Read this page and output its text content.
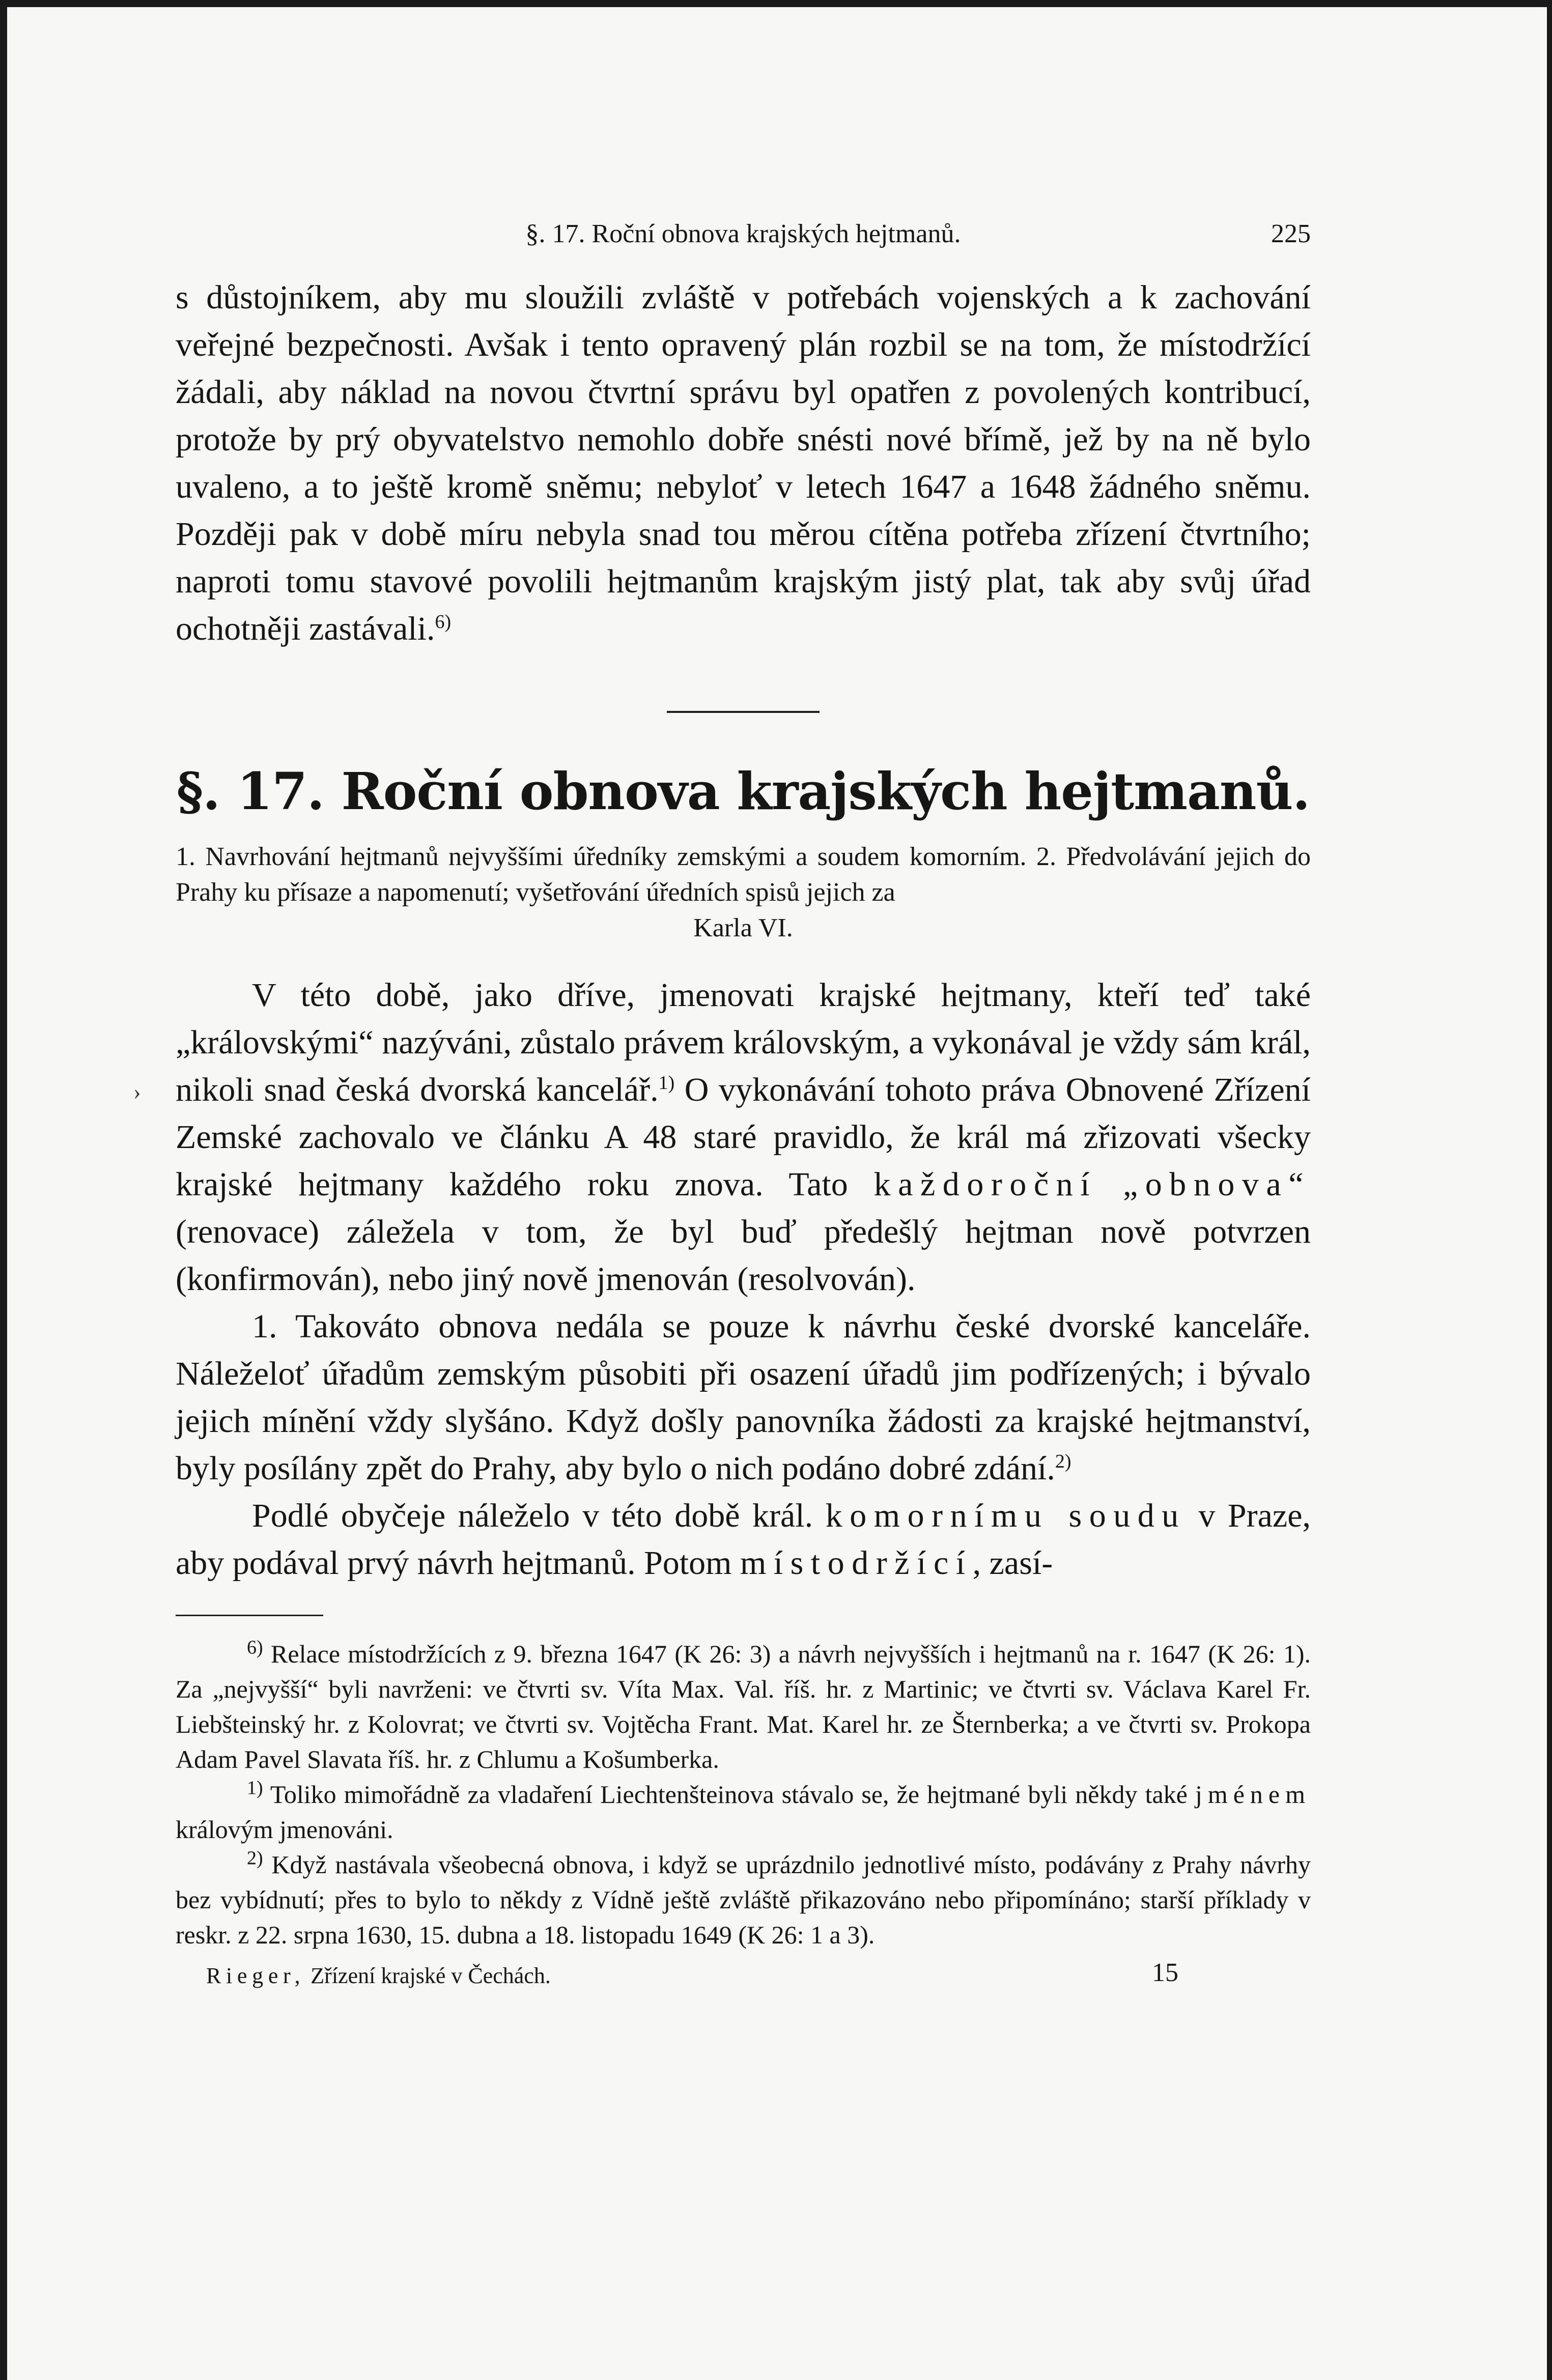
›
§. 17. Roční obnova krajských hejtmanů.	225

s důstojníkem, aby mu sloužili zvláště v potřebách vojenských a k zachování veřejné bezpečnosti. Avšak i tento opravený plán rozbil se na tom, že místodržící žádali, aby náklad na novou čtvrtní správu byl opatřen z povolených kontribucí, protože by prý obyvatelstvo nemohlo dobře snésti nové břímě, jež by na ně bylo uvaleno, a to ještě kromě sněmu; nebyloť v letech 1647 a 1648 žádného sněmu. Později pak v době míru nebyla snad tou měrou cítěna potřeba zřízení čtvrtního; naproti tomu stavové povolili hejtmanům krajským jistý plat, tak aby svůj úřad ochotněji zastávali.$^{6)}$

§. 17. Roční obnova krajských hejtmanů.

1. Navrhování hejtmanů nejvyššími úředníky zemskými a soudem komorním. 2. Předvolávání jejich do Prahy ku přísaze a napomenutí; vyšetřování úředních spisů jejich za
Karla VI.

V této době, jako dříve, jmenovati krajské hejtmany, kteří teď také „královskými“ nazýváni, zůstalo právem královským, a vykonával je vždy sám král, nikoli snad česká dvorská kancelář.$^{1)}$ O vykonávání tohoto práva Obnovené Zřízení Zemské zachovalo ve článku A 48 staré pravidlo, že král má zřizovati všecky krajské hejtmany každého roku znova. Tato každoroční „obnova“ (renovace) záležela v tom, že byl buď předešlý hejtman nově potvrzen (konfirmován), nebo jiný nově jmenován (resolvován).

1. Takováto obnova nedála se pouze k návrhu české dvorské kanceláře. Náleželoť úřadům zemským působiti při osazení úřadů jim podřízených; i bývalo jejich mínění vždy slyšáno. Když došly panovníka žádosti za krajské hejtmanství, byly posílány zpět do Prahy, aby bylo o nich podáno dobré zdání.$^{2)}$

Podlé obyčeje náleželo v této době král. komornímu soudu v Praze, aby podával prvý návrh hejtmanů. Potom místodržící, zasí-

$^{6)}$ Relace místodržících z 9. března 1647 (K 26: 3) a návrh nejvyšších i hejtmanů na r. 1647 (K 26: 1). Za „nejvyšší“ byli navrženi: ve čtvrti sv. Víta Max. Val. říš. hr. z Martinic; ve čtvrti sv. Václava Karel Fr. Liebšteinský hr. z Kolovrat; ve čtvrti sv. Vojtěcha Frant. Mat. Karel hr. ze Šternberka; a ve čtvrti sv. Prokopa Adam Pavel Slavata říš. hr. z Chlumu a Košumberka.

$^{1)}$ Toliko mimořádně za vladaření Liechtenšteinova stávalo se, že hejtmané byli někdy také jménem královým jmenováni.

$^{2)}$ Když nastávala všeobecná obnova, i když se uprázdnilo jednotlivé místo, podávány z Prahy návrhy bez vybídnutí; přes to bylo to někdy z Vídně ještě zvláště přikazováno nebo připomínáno; starší příklady v reskr. z 22. srpna 1630, 15. dubna a 18. listopadu 1649 (K 26: 1 a 3).

Rieger, Zřízení krajské v Čechách.	15
